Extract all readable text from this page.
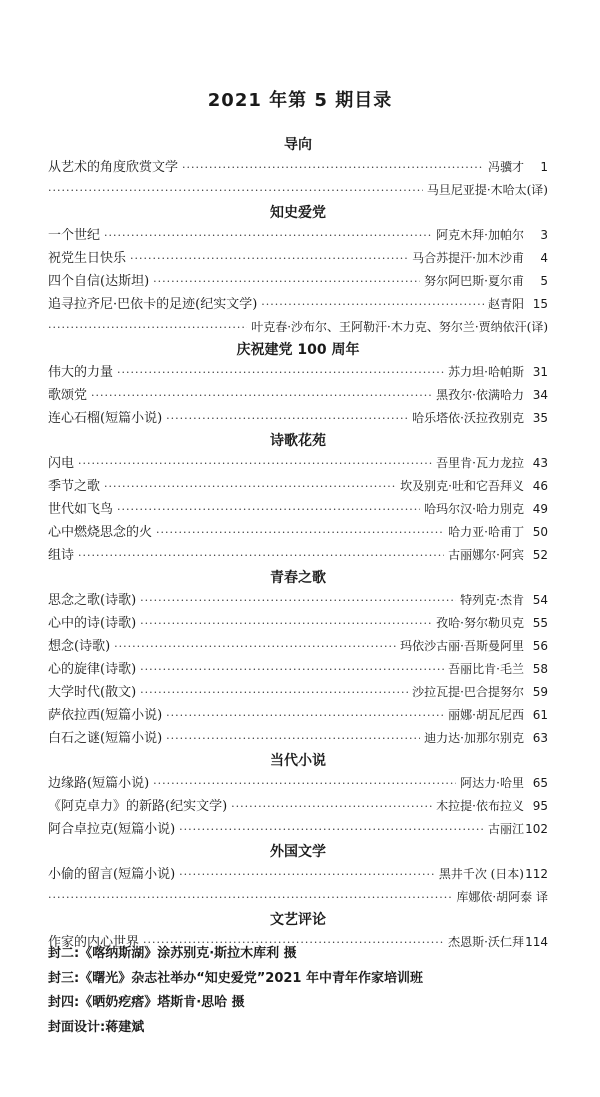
2021 年第 5 期目录
导向
从艺术的角度欣赏文学 ·····	冯骥才	1
·····
马旦尼亚提·木哈太(译)
知史爱党
一个世纪 ·····	阿克木拜·加帕尔	3
祝党生日快乐 ·····	马合苏提汗·加木沙甫	4
四个自信(达斯坦) ·····	努尔阿巴斯·夏尔甫	5
追寻拉齐尼·巴依卡的足迹(纪实文学) ·····	赵青阳 15
·····
叶克春·沙布尔、王阿勒汗·木力克、努尔兰·贾纳依汗(译)
庆祝建党 100 周年
伟大的力量 ·····	苏力坦·哈帕斯 31
歌颂党 ·····	黑孜尔·依满哈力 34
连心石榴(短篇小说) ·····	哈乐塔依·沃拉孜别克 35
诗歌花苑
闪电 ·····	吾里肯·瓦力龙拉 43
季节之歌 ·····	坎及别克·吐和它吾拜义 46
世代如飞鸟 ·····	哈玛尔汉·哈力別克 49
心中燃烧思念的火 ·····	哈力亚·哈甫丁 50
组诗 ·····	古丽娜尔·阿宾 52
青春之歌
思念之歌(诗歌) ·····	特列克·杰肯 54
心中的诗(诗歌) ·····	孜哈·努尔勒贝克 55
想念(诗歌) ·····	玛依沙古丽·吾斯曼阿里 56
心的旋律(诗歌) ·····	吾丽比肯·毛兰 58
大学时代(散文) ·····	沙拉瓦提·巴合提努尔 59
萨依拉西(短篇小说) ·····	丽娜·胡瓦尼西 61
白石之谜(短篇小说) ·····	迪力达·加那尔别克 63
当代小说
边缘路(短篇小说) ·····	阿达力·哈里 65
《阿克卓力》的新路(纪实文学) ·····	木拉提·依布拉义 95
阿合卓拉克(短篇小说) ·····	古丽江 102
外国文学
小偷的留言(短篇小说) ·····	黑井千次 (日本) 112
·····
库娜依·胡阿泰 译
文艺评论
作家的内心世界 ·····	杰恩斯·沃仁拜 114
封二:《喀纳斯湖》涂苏别克·斯拉木库利 摄
封三:《曙光》杂志社举办“知史爱党”2021 年中青年作家培训班
封四:《晒奶疙瘩》塔斯肯·思哈 摄
封面设计:蒋建斌
